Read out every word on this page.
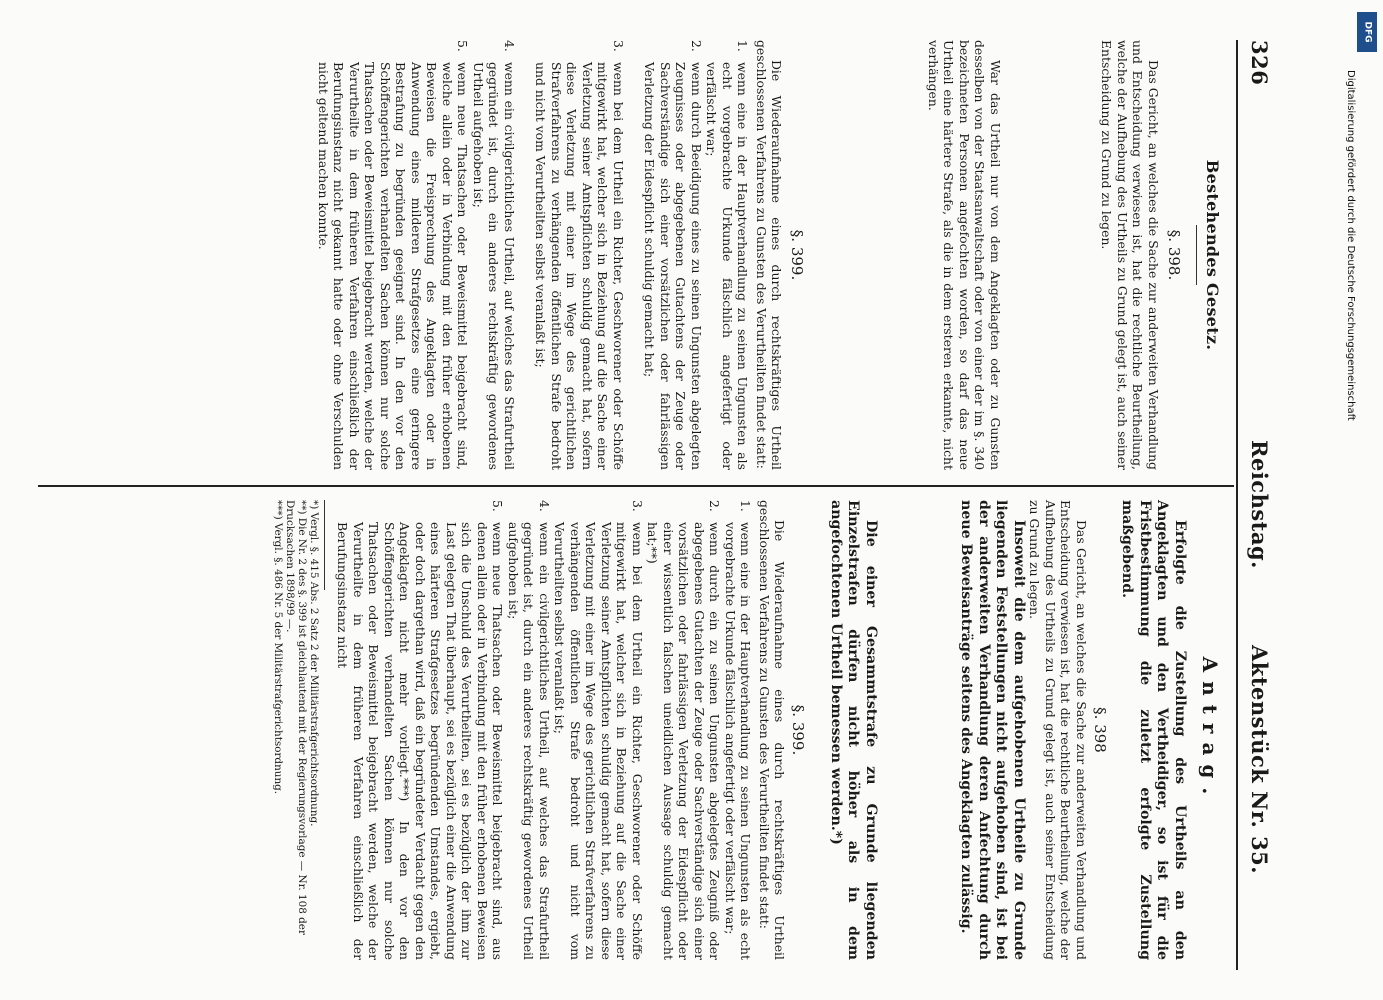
326
Reichstag.
Aktenstück Nr. 35.
Bestehendes Gesetz.
§. 398.

Das Gericht, an welches die Sache zur anderweiten Verhandlung und Entscheidung verwiesen ist, hat die rechtliche Beurtheilung, welche der Aufhebung des Urtheils zu Grund gelegt ist, auch seiner Entscheidung zu Grund zu legen.

War das Urtheil nur von dem Angeklagten oder zu Gunsten desselben von der Staatsanwaltschaft oder von einer der im §. 340 bezeichneten Personen angefochten worden, so darf das neue Urtheil eine härtere Strafe, als die in dem ersteren erkannte, nicht verhängen.

§. 399.

Die Wiederaufnahme eines durch rechtskräftiges Urtheil geschlossenen Verfahrens zu Gunsten des Verurtheilten findet statt:

1.
wenn eine in der Hauptverhandlung zu seinen Ungunsten als echt vorgebrachte Urkunde fälschlich angefertigt oder verfälscht war;
2.
wenn durch Beeidigung eines zu seinen Ungunsten abgelegten Zeugnisses oder abgegebenen Gutachtens der Zeuge oder Sachverständige sich einer vorsätzlichen oder fahrlässigen Verletzung der Eidespflicht schuldig gemacht hat;
3.
wenn bei dem Urtheil ein Richter, Geschworener oder Schöffe mitgewirkt hat, welcher sich in Beziehung auf die Sache einer Verletzung seiner Amtspflichten schuldig gemacht hat, sofern diese Verletzung mit einer im Wege des gerichtlichen Strafverfahrens zu verhängenden öffentlichen Strafe bedroht und nicht vom Verurtheilten selbst veranlaßt ist;
4.
wenn ein civilgerichtliches Urtheil, auf welches das Strafurtheil gegründet ist, durch ein anderes rechtskräftig gewordenes Urtheil aufgehoben ist;
5.
wenn neue Thatsachen oder Beweismittel beigebracht sind, welche allein oder in Verbindung mit den früher erhobenen Beweisen die Freisprechung des Angeklagten oder in Anwendung eines milderen Strafgesetzes eine geringere Bestrafung zu begründen geeignet sind. In den vor den Schöffengerichten verhandelten Sachen können nur solche Thatsachen oder Beweismittel beigebracht werden, welche der Verurtheilte in dem früheren Verfahren einschließlich der Berufungsinstanz nicht gekannt hatte oder ohne Verschulden nicht geltend machen konnte.
Antrag.

Erfolgte die Zustellung des Urtheils an den Angeklagten und den Vertheidiger, so ist für die Fristbestimmung die zuletzt erfolgte Zustellung maßgebend.

§. 398

Das Gericht, an welches die Sache zur anderweiten Verhandlung und Entscheidung verwiesen ist, hat die rechtliche Beurtheilung, welche der Aufhebung des Urtheils zu Grund gelegt ist, auch seiner Entscheidung zu Grund zu legen.

Insoweit die dem aufgehobenen Urtheile zu Grunde liegenden Feststellungen nicht aufgehoben sind, ist bei der anderweiten Verhandlung deren Anfechtung durch neue Beweisanträge seitens des Angeklagten zulässig.

Die einer Gesammtstrafe zu Grunde liegenden Einzelstrafen dürfen nicht höher als in dem angefochtenen Urtheil bemessen werden.*)

§. 399.

Die Wiederaufnahme eines durch rechtskräftiges Urtheil geschlossenen Verfahrens zu Gunsten des Verurtheilten findet statt:

1.
wenn eine in der Hauptverhandlung zu seinen Ungunsten als echt vorgebrachte Urkunde fälschlich angefertigt oder verfälscht war;
2.
wenn durch ein zu seinen Ungunsten abgelegtes Zeugniß oder abgegebenes Gutachten der Zeuge oder Sachverständige sich einer vorsätzlichen oder fahrlässigen Verletzung der Eidespflicht oder einer wissentlich falschen uneidlichen Aussage schuldig gemacht hat;**)
3.
wenn bei dem Urtheil ein Richter, Geschworener oder Schöffe mitgewirkt hat, welcher sich in Beziehung auf die Sache einer Verletzung seiner Amtspflichten schuldig gemacht hat, sofern diese Verletzung mit einer im Wege des gerichtlichen Strafverfahrens zu verhängenden öffentlichen Strafe bedroht und nicht vom Verurtheilten selbst veranlaßt ist;
4.
wenn ein civilgerichtliches Urtheil, auf welches das Strafurtheil gegründet ist, durch ein anderes rechtskräftig gewordenes Urtheil aufgehoben ist;
5.
wenn neue Thatsachen oder Beweismittel beigebracht sind, aus denen allein oder in Verbindung mit den früher erhobenen Beweisen sich die Unschuld des Verurtheilten, sei es bezüglich der ihm zur Last gelegten That überhaupt, sei es bezüglich einer die Anwendung eines härteren Strafgesetzes begründenden Umstandes, ergiebt, oder doch dargethan wird, daß ein begründeter Verdacht gegen den Angeklagten nicht mehr vorliegt.***) In den vor den Schöffengerichten verhandelten Sachen können nur solche Thatsachen oder Beweismittel beigebracht werden, welche der Verurtheilte in dem früheren Verfahren einschließlich der Berufungsinstanz nicht

*) Vergl. §. 415 Abs. 2 Satz 2 der Militärstrafgerichtsordnung.

**) Die Nr. 2 des §. 399 ist gleichlautend mit der Regierungsvorlage — Nr. 108 der Drucksachen 1898/99 —.

***) Vergl. §. 486 Nr. 5 der Militärstrafgerichtsordnung.

DFG
Digitalisierung gefördert durch die Deutsche Forschungsgemeinschaft
